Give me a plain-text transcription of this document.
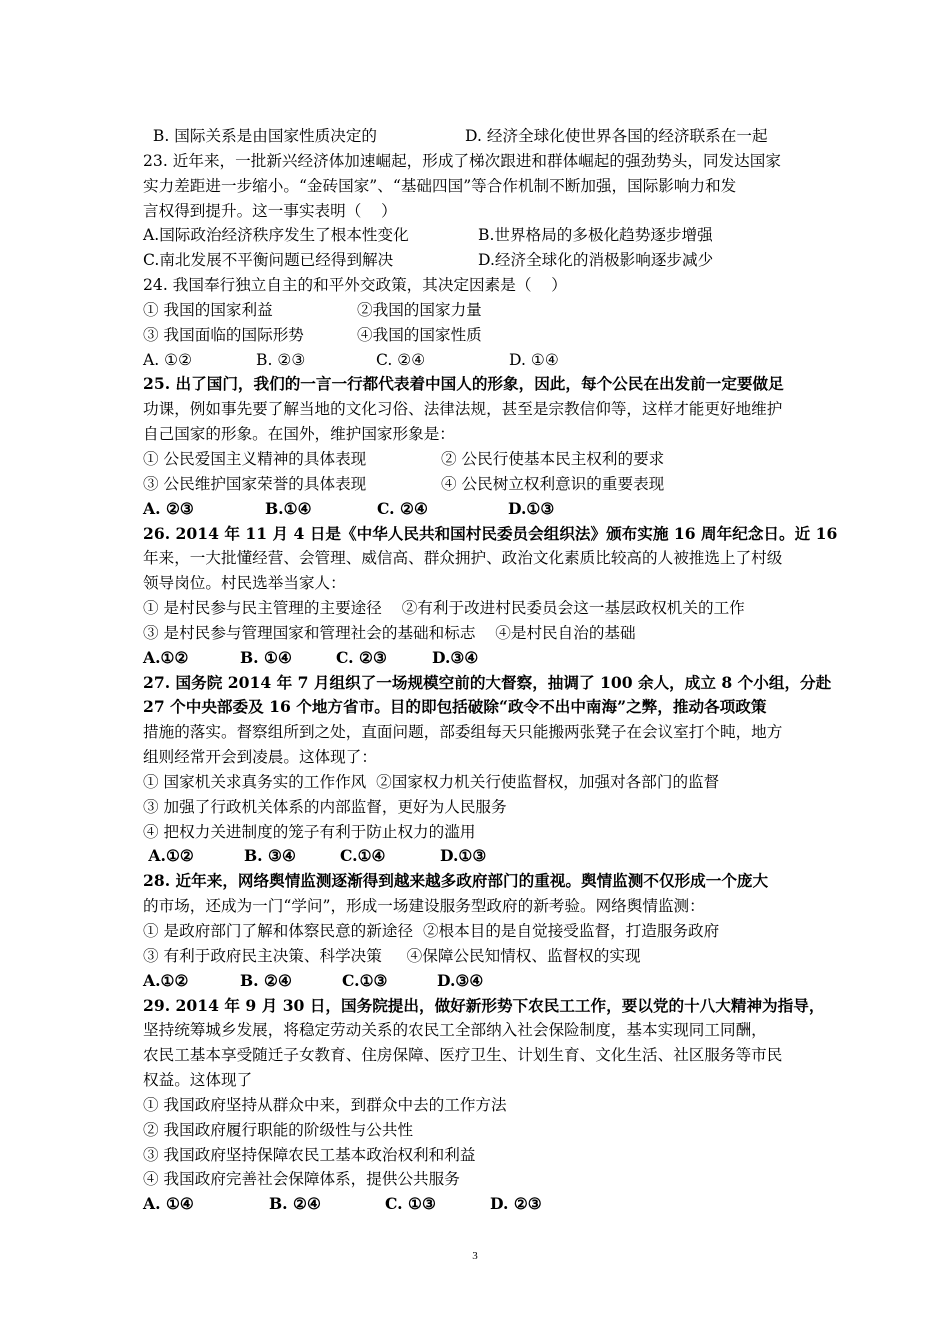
B. 国际关系是由国家性质决定的	D. 经济全球化使世界各国的经济联系在一起
23. 近年来，一批新兴经济体加速崛起，形成了梯次跟进和群体崛起的强劲势头，同发达国家
实力差距进一步缩小。“金砖国家”、“基础四国”等合作机制不断加强，国际影响力和发
言权得到提升。这一事实表明（    ）
A.国际政治经济秩序发生了根本性变化	B.世界格局的多极化趋势逐步增强
C.南北发展不平衡问题已经得到解决	D.经济全球化的消极影响逐步减少
24. 我国奉行独立自主的和平外交政策，其决定因素是（    ）
① 我国的国家利益	②我国的国家力量
③ 我国面临的国际形势	④我国的国家性质
A. ①②	B. ②③	C. ②④	D. ①④
25. 出了国门，我们的一言一行都代表着中国人的形象，因此，每个公民在出发前一定要做足
功课，例如事先要了解当地的文化习俗、法律法规，甚至是宗教信仰等，这样才能更好地维护
自己国家的形象。在国外，维护国家形象是：
① 公民爱国主义精神的具体表现	② 公民行使基本民主权利的要求
③ 公民维护国家荣誉的具体表现	④ 公民树立权利意识的重要表现
A. ②③	B.①④	C. ②④	D.①③
26. 2014 年 11 月 4 日是《中华人民共和国村民委员会组织法》颁布实施 16 周年纪念日。近 16
年来，一大批懂经营、会管理、威信高、群众拥护、政治文化素质比较高的人被推选上了村级
领导岗位。村民选举当家人：
① 是村民参与民主管理的主要途径    ②有利于改进村民委员会这一基层政权机关的工作
③ 是村民参与管理国家和管理社会的基础和标志    ④是村民自治的基础
A.①②	B. ①④	C. ②③	D.③④
27. 国务院 2014 年 7 月组织了一场规模空前的大督察，抽调了 100 余人，成立 8 个小组，分赴
27 个中央部委及 16 个地方省市。目的即包括破除“政令不出中南海”之弊，推动各项政策
措施的落实。督察组所到之处，直面问题，部委组每天只能搬两张凳子在会议室打个盹，地方
组则经常开会到凌晨。这体现了：
① 国家机关求真务实的工作作风  ②国家权力机关行使监督权，加强对各部门的监督
③ 加强了行政机关体系的内部监督，更好为人民服务
④ 把权力关进制度的笼子有利于防止权力的滥用
A.①②	B. ③④	C.①④	D.①③
28. 近年来，网络舆情监测逐渐得到越来越多政府部门的重视。舆情监测不仅形成一个庞大
的市场，还成为一门“学问”，形成一场建设服务型政府的新考验。网络舆情监测：
① 是政府部门了解和体察民意的新途径  ②根本目的是自觉接受监督，打造服务政府
③ 有利于政府民主决策、科学决策     ④保障公民知情权、监督权的实现
A.①②	B. ②④	C.①③	D.③④
29. 2014 年 9 月 30 日，国务院提出，做好新形势下农民工工作，要以党的十八大精神为指导，
坚持统筹城乡发展，将稳定劳动关系的农民工全部纳入社会保险制度，基本实现同工同酬，
农民工基本享受随迁子女教育、住房保障、医疗卫生、计划生育、文化生活、社区服务等市民
权益。这体现了
① 我国政府坚持从群众中来，到群众中去的工作方法
② 我国政府履行职能的阶级性与公共性
③ 我国政府坚持保障农民工基本政治权利和利益
④ 我国政府完善社会保障体系，提供公共服务
A. ①④	B. ②④	C. ①③	D. ②③
3
